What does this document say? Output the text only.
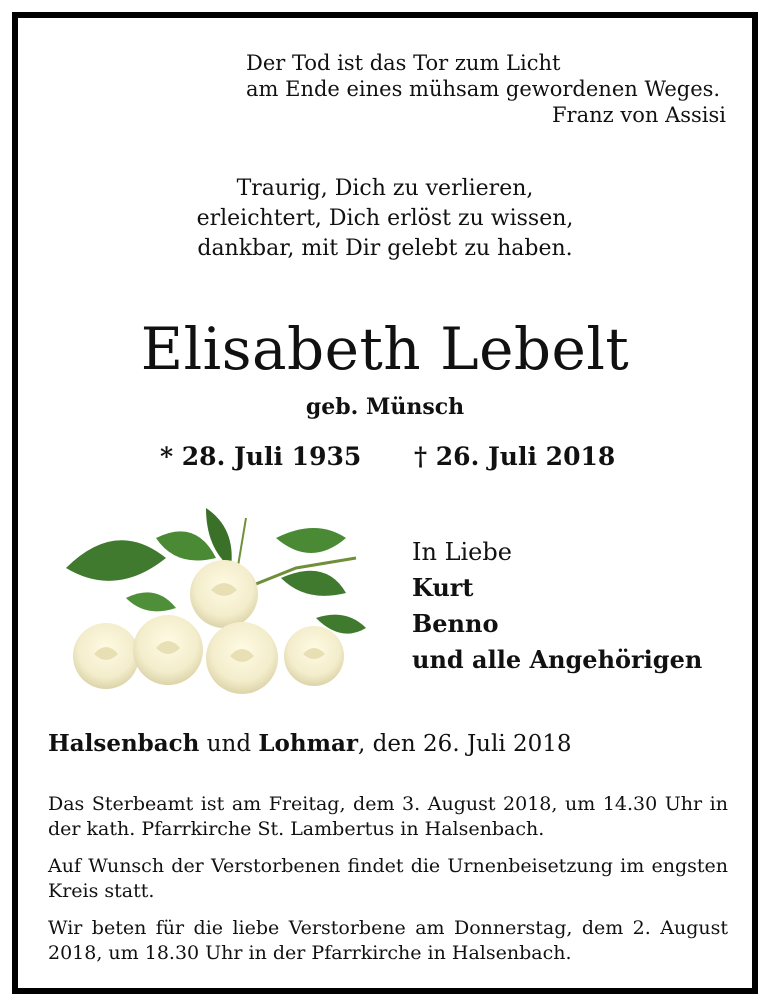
Der Tod ist das Tor zum Licht
am Ende eines mühsam gewordenen Weges.
Franz von Assisi
Traurig, Dich zu verlieren,
erleichtert, Dich erlöst zu wissen,
dankbar, mit Dir gelebt zu haben.
Elisabeth Lebelt
geb. Münsch
* 28. Juli 1935 † 26. Juli 2018
In Liebe
Kurt
Benno
und alle Angehörigen
Halsenbach und Lohmar, den 26. Juli 2018
Das Sterbeamt ist am Freitag, dem 3. August 2018, um 14.30 Uhr in der kath. Pfarrkirche St. Lambertus in Halsenbach.
Auf Wunsch der Verstorbenen findet die Urnenbeisetzung im engsten Kreis statt.
Wir beten für die liebe Verstorbene am Donnerstag, dem 2. August 2018, um 18.30 Uhr in der Pfarrkirche in Halsenbach.
